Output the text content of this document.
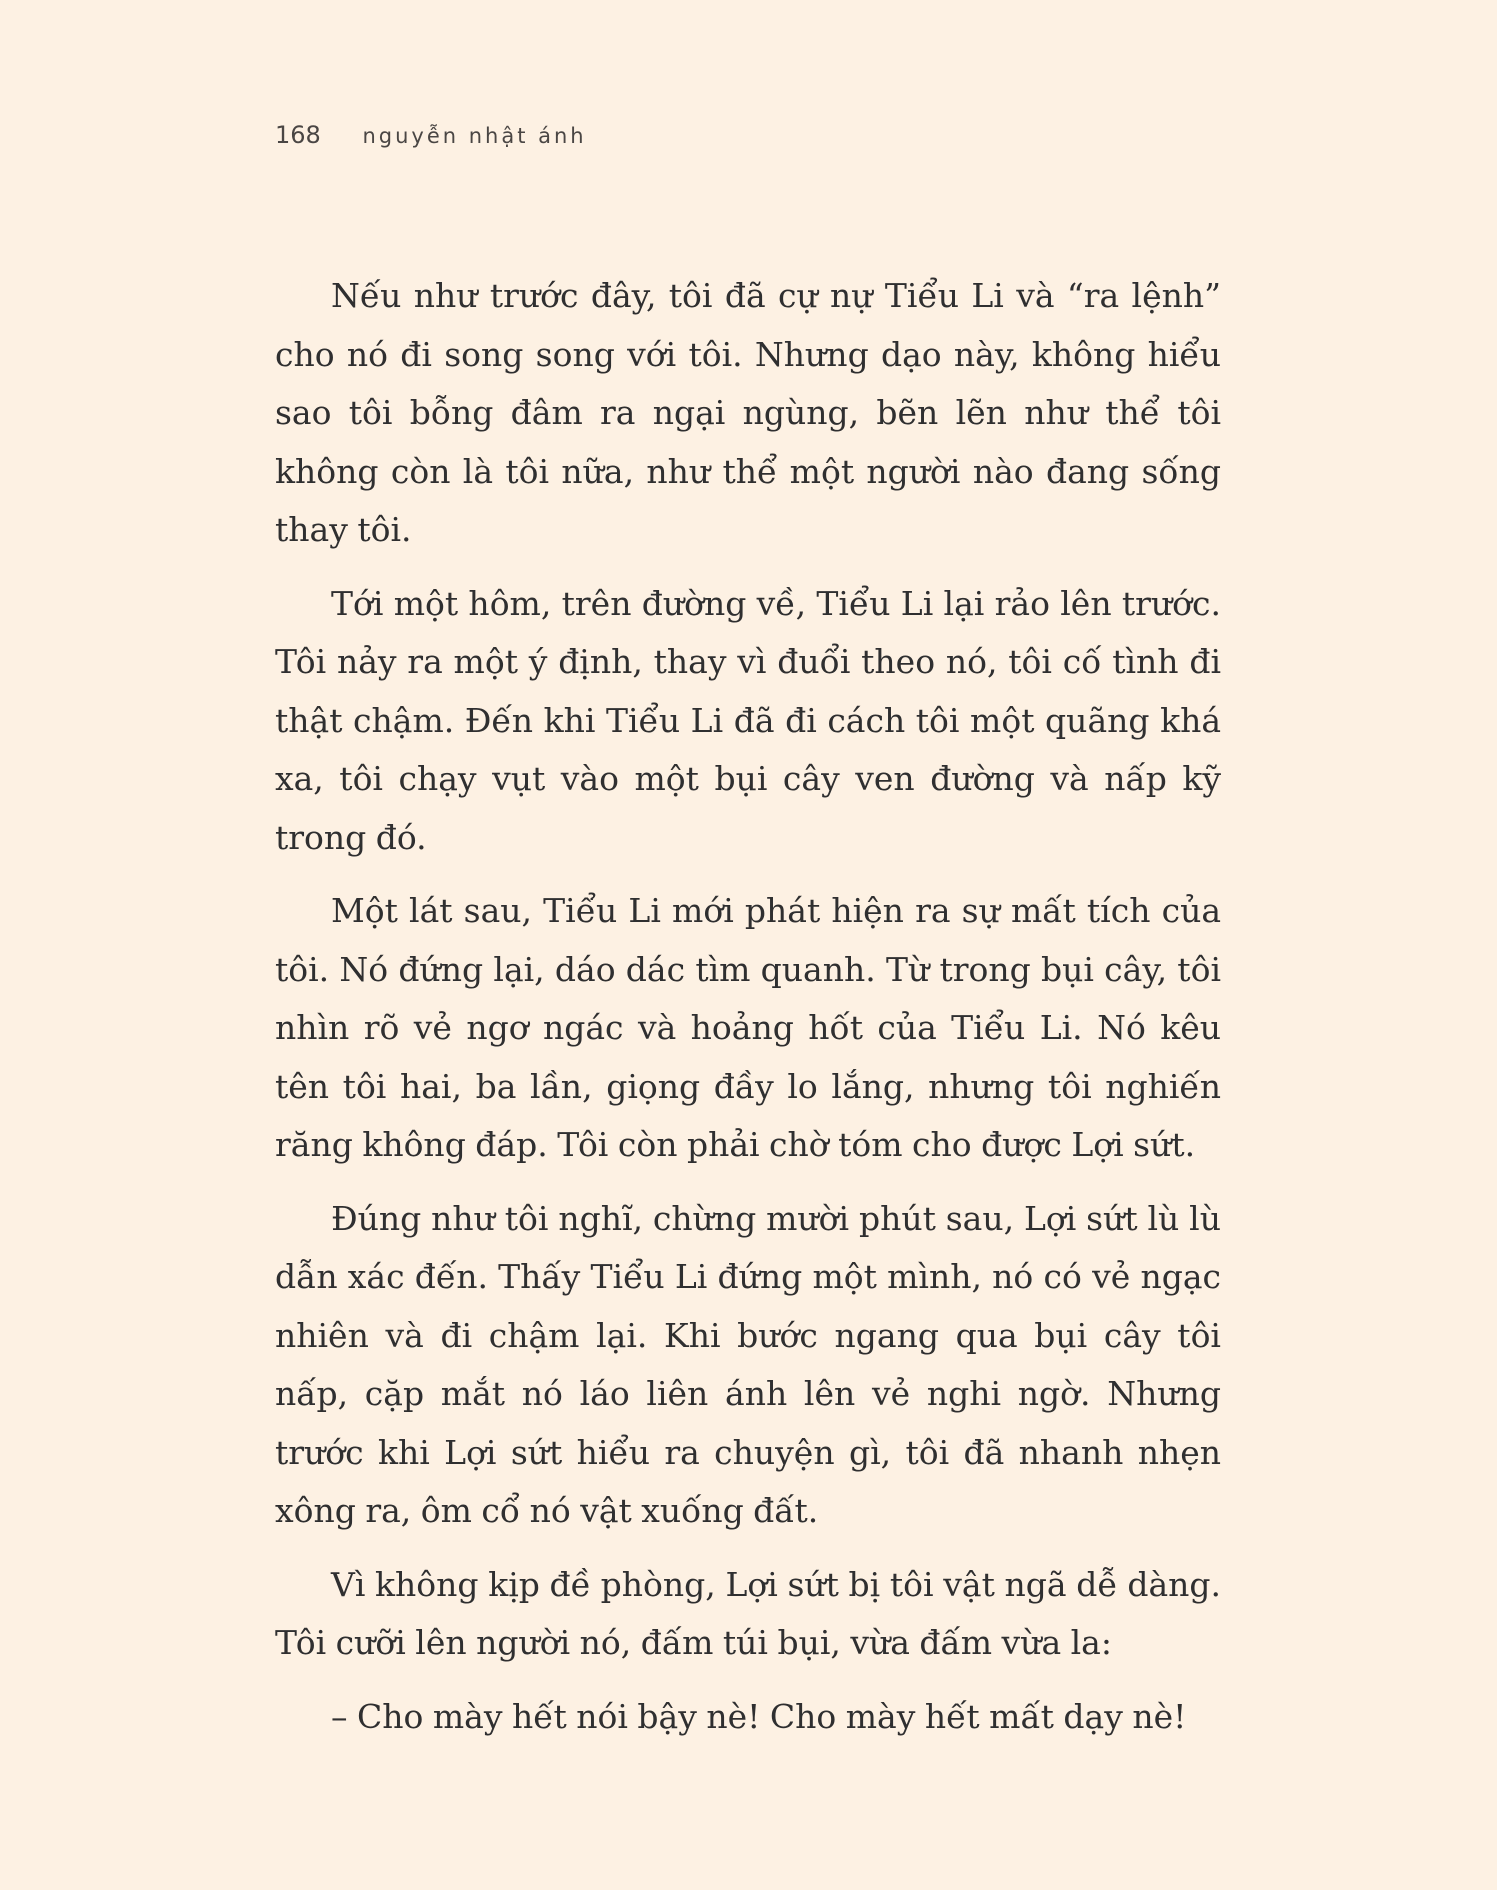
168 nguyễn nhật ánh

Nếu như trước đây, tôi đã cự nự Tiểu Li và “ra lệnh” cho nó đi song song với tôi. Nhưng dạo này, không hiểu sao tôi bỗng đâm ra ngại ngùng, bẽn lẽn như thể tôi không còn là tôi nữa, như thể một người nào đang sống thay tôi.

Tới một hôm, trên đường về, Tiểu Li lại rảo lên trước. Tôi nảy ra một ý định, thay vì đuổi theo nó, tôi cố tình đi thật chậm. Đến khi Tiểu Li đã đi cách tôi một quãng khá xa, tôi chạy vụt vào một bụi cây ven đường và nấp kỹ trong đó.

Một lát sau, Tiểu Li mới phát hiện ra sự mất tích của tôi. Nó đứng lại, dáo dác tìm quanh. Từ trong bụi cây, tôi nhìn rõ vẻ ngơ ngác và hoảng hốt của Tiểu Li. Nó kêu tên tôi hai, ba lần, giọng đầy lo lắng, nhưng tôi nghiến răng không đáp. Tôi còn phải chờ tóm cho được Lợi sứt.

Đúng như tôi nghĩ, chừng mười phút sau, Lợi sứt lù lù dẫn xác đến. Thấy Tiểu Li đứng một mình, nó có vẻ ngạc nhiên và đi chậm lại. Khi bước ngang qua bụi cây tôi nấp, cặp mắt nó láo liên ánh lên vẻ nghi ngờ. Nhưng trước khi Lợi sứt hiểu ra chuyện gì, tôi đã nhanh nhẹn xông ra, ôm cổ nó vật xuống đất.

Vì không kịp đề phòng, Lợi sứt bị tôi vật ngã dễ dàng. Tôi cưỡi lên người nó, đấm túi bụi, vừa đấm vừa la:

– Cho mày hết nói bậy nè! Cho mày hết mất dạy nè!
